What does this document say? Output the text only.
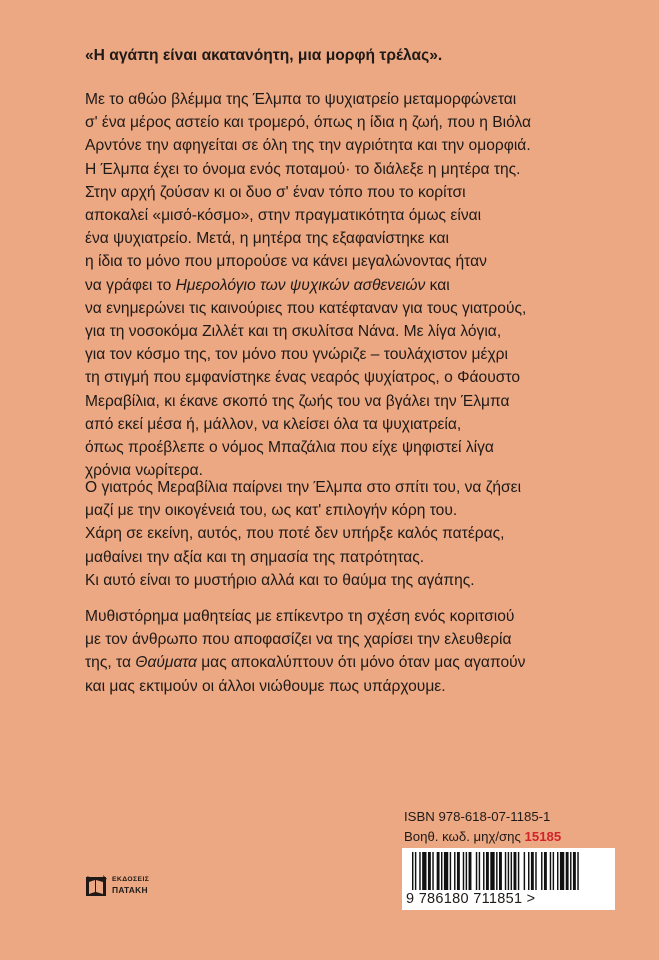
«Η αγάπη είναι ακατανόητη, μια μορφή τρέλας».
Με το αθώο βλέμμα της Έλμπα το ψυχιατρείο μεταμορφώνεται
σ' ένα μέρος αστείο και τρομερό, όπως η ίδια η ζωή, που η Βιόλα
Αρντόνε την αφηγείται σε όλη της την αγριότητα και την ομορφιά.
Η Έλμπα έχει το όνομα ενός ποταμού· το διάλεξε η μητέρα της.
Στην αρχή ζούσαν κι οι δυο σ' έναν τόπο που το κορίτσι
αποκαλεί «μισό-κόσμο», στην πραγματικότητα όμως είναι
ένα ψυχιατρείο. Μετά, η μητέρα της εξαφανίστηκε και
η ίδια το μόνο που μπορούσε να κάνει μεγαλώνοντας ήταν
να γράφει το Ημερολόγιο των ψυχικών ασθενειών και
να ενημερώνει τις καινούριες που κατέφταναν για τους γιατρούς,
για τη νοσοκόμα Ζιλλέτ και τη σκυλίτσα Νάνα. Με λίγα λόγια,
για τον κόσμο της, τον μόνο που γνώριζε – τουλάχιστον μέχρι
τη στιγμή που εμφανίστηκε ένας νεαρός ψυχίατρος, ο Φάουστο
Μεραβίλια, κι έκανε σκοπό της ζωής του να βγάλει την Έλμπα
από εκεί μέσα ή, μάλλον, να κλείσει όλα τα ψυχιατρεία,
όπως προέβλεπε ο νόμος Μπαζάλια που είχε ψηφιστεί λίγα
χρόνια νωρίτερα.
Ο γιατρός Μεραβίλια παίρνει την Έλμπα στο σπίτι του, να ζήσει
μαζί με την οικογένειά του, ως κατ' επιλογήν κόρη του.
Χάρη σε εκείνη, αυτός, που ποτέ δεν υπήρξε καλός πατέρας,
μαθαίνει την αξία και τη σημασία της πατρότητας.
Κι αυτό είναι το μυστήριο αλλά και το θαύμα της αγάπης.
Μυθιστόρημα μαθητείας με επίκεντρο τη σχέση ενός κοριτσιού
με τον άνθρωπο που αποφασίζει να της χαρίσει την ελευθερία
της, τα Θαύματα μας αποκαλύπτουν ότι μόνο όταν μας αγαπούν
και μας εκτιμούν οι άλλοι νιώθουμε πως υπάρχουμε.
ISBN 978-618-07-1185-1
Βοηθ. κωδ. μηχ/σης 15185
9 786180 711851 >
ΕΚΔΟΣΕΙΣ
ΠΑΤΑΚΗ
